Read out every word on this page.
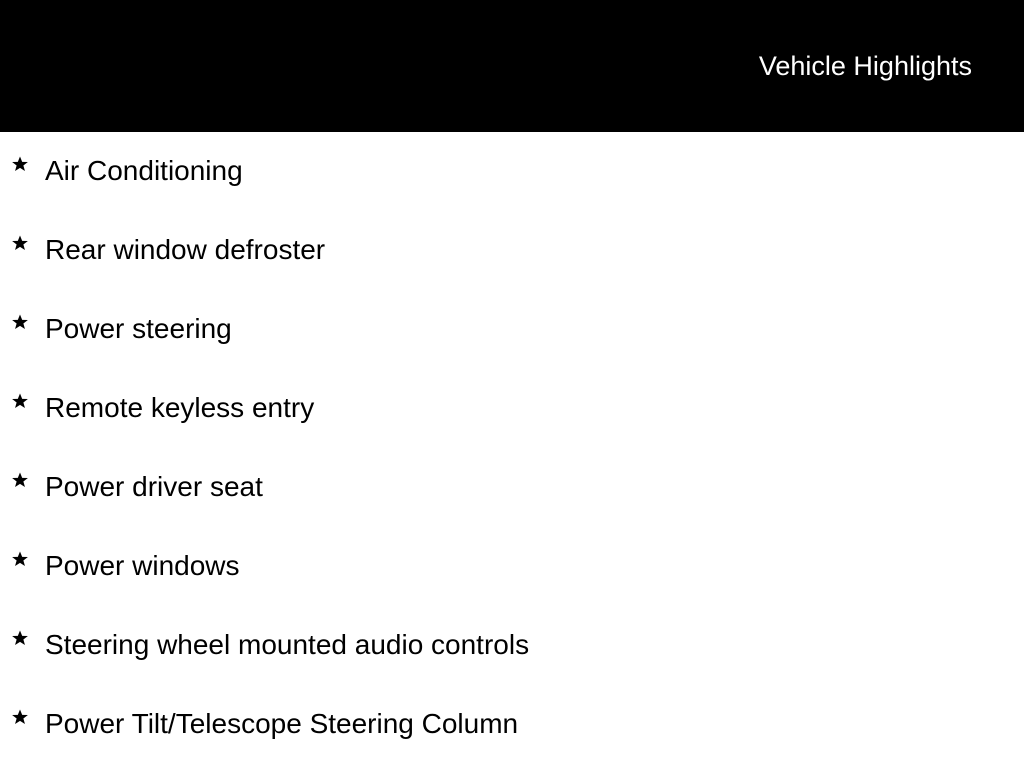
Vehicle Highlights
Air Conditioning
Rear window defroster
Power steering
Remote keyless entry
Power driver seat
Power windows
Steering wheel mounted audio controls
Power Tilt/Telescope Steering Column
